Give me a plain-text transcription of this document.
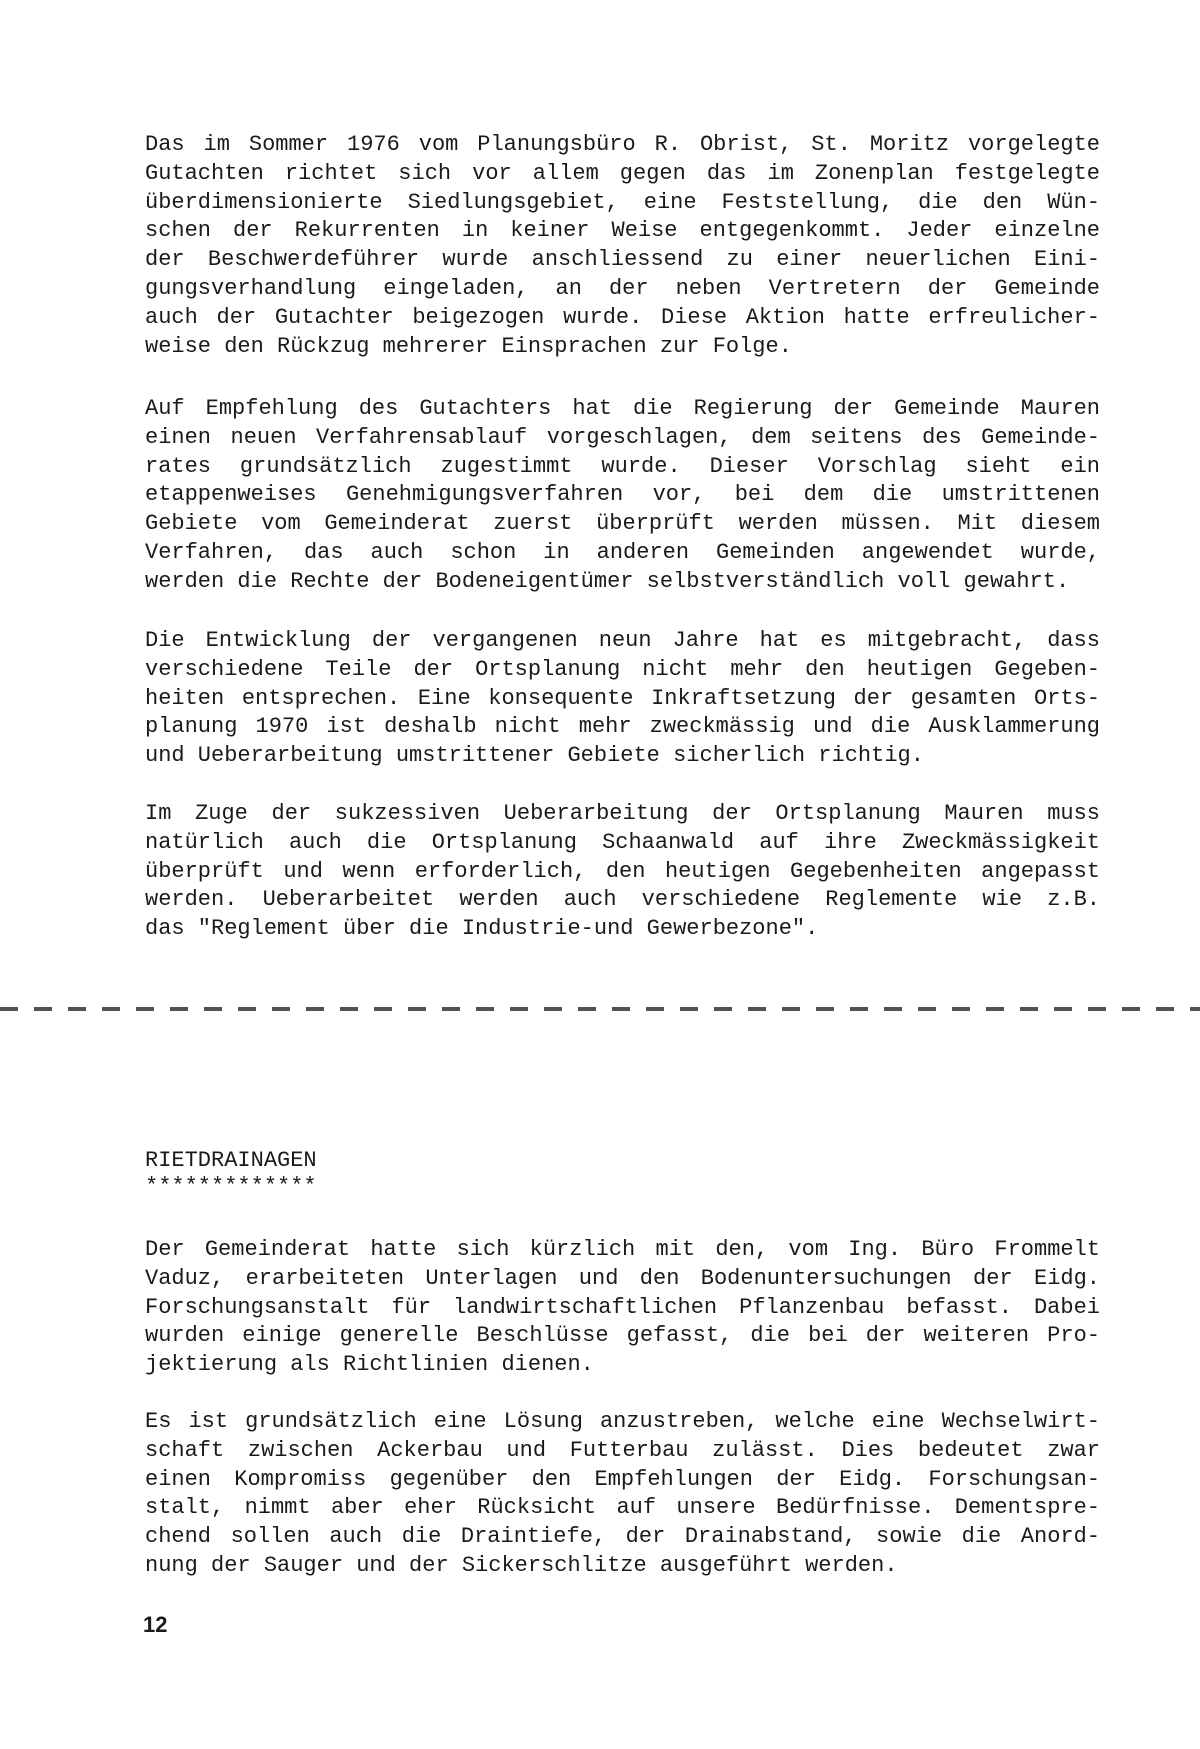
Das im Sommer 1976 vom Planungsbüro R. Obrist, St. Moritz vorgelegte
Gutachten richtet sich vor allem gegen das im Zonenplan festgelegte
überdimensionierte Siedlungsgebiet, eine Feststellung, die den Wün-
schen der Rekurrenten in keiner Weise entgegenkommt. Jeder einzelne
der Beschwerdeführer wurde anschliessend zu einer neuerlichen Eini-
gungsverhandlung eingeladen, an der neben Vertretern der Gemeinde
auch der Gutachter beigezogen wurde. Diese Aktion hatte erfreulicher-
weise den Rückzug mehrerer Einsprachen zur Folge.
Auf Empfehlung des Gutachters hat die Regierung der Gemeinde Mauren
einen neuen Verfahrensablauf vorgeschlagen, dem seitens des Gemeinde-
rates grundsätzlich zugestimmt wurde. Dieser Vorschlag sieht ein
etappenweises Genehmigungsverfahren vor, bei dem die umstrittenen
Gebiete vom Gemeinderat zuerst überprüft werden müssen. Mit diesem
Verfahren, das auch schon in anderen Gemeinden angewendet wurde,
werden die Rechte der Bodeneigentümer selbstverständlich voll gewahrt.
Die Entwicklung der vergangenen neun Jahre hat es mitgebracht, dass
verschiedene Teile der Ortsplanung nicht mehr den heutigen Gegeben-
heiten entsprechen. Eine konsequente Inkraftsetzung der gesamten Orts-
planung 1970 ist deshalb nicht mehr zweckmässig und die Ausklammerung
und Ueberarbeitung umstrittener Gebiete sicherlich richtig.
Im Zuge der sukzessiven Ueberarbeitung der Ortsplanung Mauren muss
natürlich auch die Ortsplanung Schaanwald auf ihre Zweckmässigkeit
überprüft und wenn erforderlich, den heutigen Gegebenheiten angepasst
werden. Ueberarbeitet werden auch verschiedene Reglemente wie z.B.
das "Reglement über die Industrie-und Gewerbezone".
RIETDRAINAGEN
*************
Der Gemeinderat hatte sich kürzlich mit den, vom Ing. Büro Frommelt
Vaduz, erarbeiteten Unterlagen und den Bodenuntersuchungen der Eidg.
Forschungsanstalt für landwirtschaftlichen Pflanzenbau befasst. Dabei
wurden einige generelle Beschlüsse gefasst, die bei der weiteren Pro-
jektierung als Richtlinien dienen.
Es ist grundsätzlich eine Lösung anzustreben, welche eine Wechselwirt-
schaft zwischen Ackerbau und Futterbau zulässt. Dies bedeutet zwar
einen Kompromiss gegenüber den Empfehlungen der Eidg. Forschungsan-
stalt, nimmt aber eher Rücksicht auf unsere Bedürfnisse. Dementspre-
chend sollen auch die Draintiefe, der Drainabstand, sowie die Anord-
nung der Sauger und der Sickerschlitze ausgeführt werden.
12
